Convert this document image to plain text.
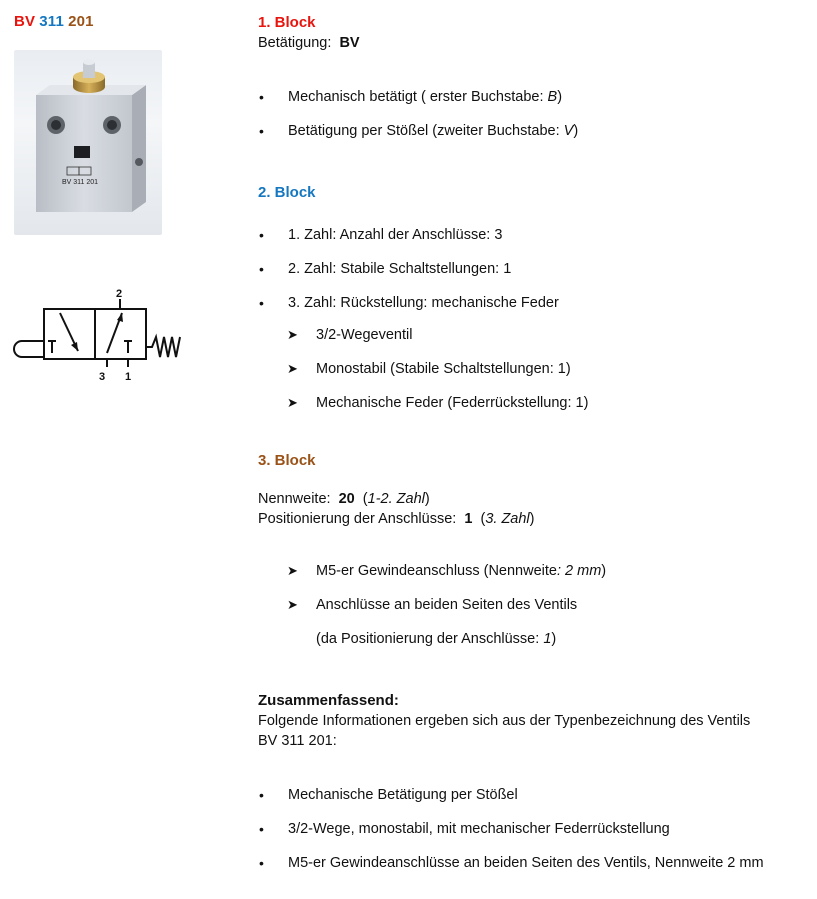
BV 311 201
BV 311 201
2
3 1
1. Block
Betätigung: BV
• Mechanisch betätigt ( erster Buchstabe: B)
• Betätigung per Stößel (zweiter Buchstabe: V)
2. Block
• 1. Zahl: Anzahl der Anschlüsse: 3
• 2. Zahl: Stabile Schaltstellungen: 1
• 3. Zahl: Rückstellung: mechanische Feder
➤ 3/2-Wegeventil
➤ Monostabil (Stabile Schaltstellungen: 1)
➤ Mechanische Feder (Federrückstellung: 1)
3. Block
Nennweite: 20  (1-2. Zahl)
Positionierung der Anschlüsse: 1  (3. Zahl)
➤ M5-er Gewindeanschluss (Nennweite: 2 mm)
➤ Anschlüsse an beiden Seiten des Ventils
(da Positionierung der Anschlüsse: 1)
Zusammenfassend:
Folgende Informationen ergeben sich aus der Typenbezeichnung des Ventils
BV 311 201:
• Mechanische Betätigung per Stößel
• 3/2-Wege, monostabil, mit mechanischer Federrückstellung
• M5-er Gewindeanschlüsse an beiden Seiten des Ventils, Nennweite 2 mm
